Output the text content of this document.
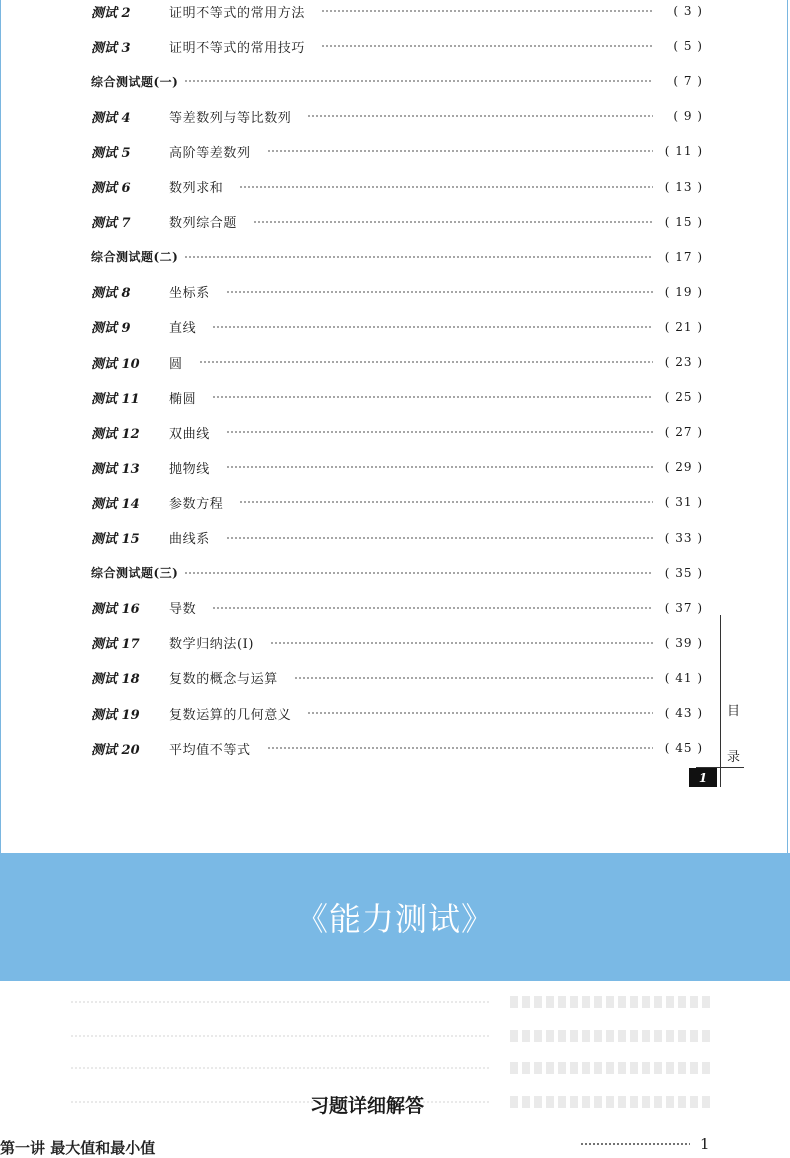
测试 2	证明不等式的常用方法	( 3 )
测试 3	证明不等式的常用技巧	( 5 )
综合测试题(一)	( 7 )
测试 4	等差数列与等比数列	( 9 )
测试 5	高阶等差数列	( 11 )
测试 6	数列求和	( 13 )
测试 7	数列综合题	( 15 )
综合测试题(二)	( 17 )
测试 8	坐标系	( 19 )
测试 9	直线	( 21 )
测试 10	圆	( 23 )
测试 11	椭圆	( 25 )
测试 12	双曲线	( 27 )
测试 13	抛物线	( 29 )
测试 14	参数方程	( 31 )
测试 15	曲线系	( 33 )
综合测试题(三)	( 35 )
测试 16	导数	( 37 )
测试 17	数学归纳法(Ⅰ)	( 39 )
测试 18	复数的概念与运算	( 41 )
测试 19	复数运算的几何意义	( 43 )
测试 20	平均值不等式	( 45 )
目
录
1
《能力测试》
习题详细解答
第一讲 最大值和最小值	1
